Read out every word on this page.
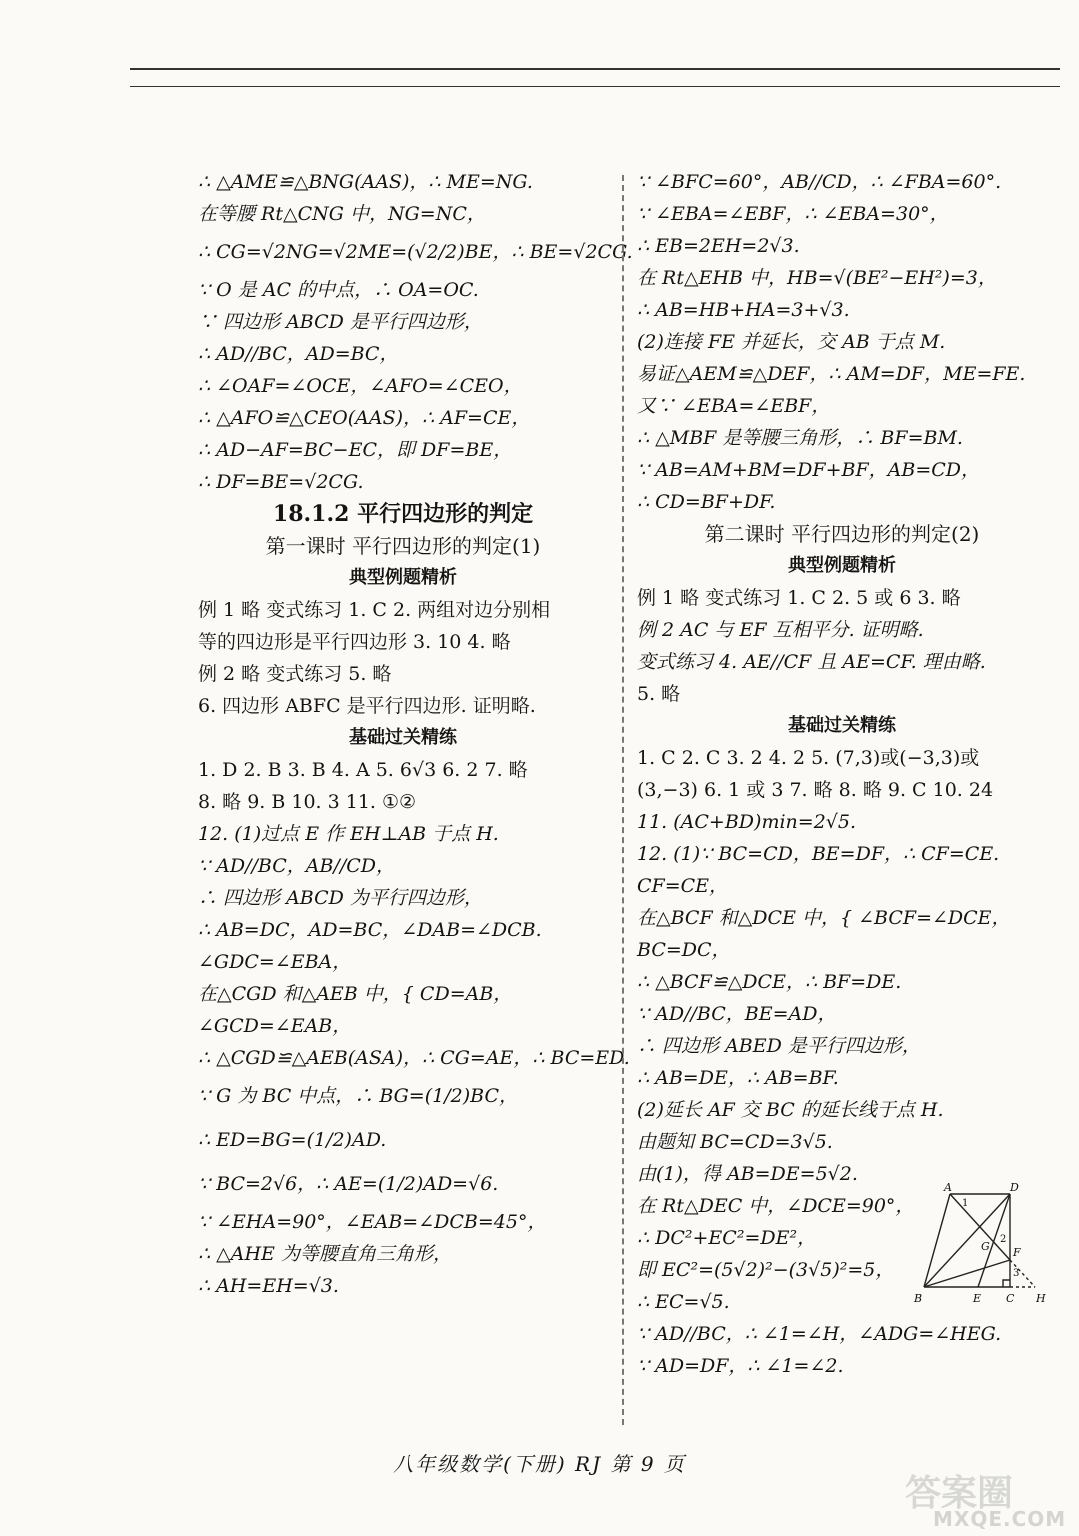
∴ △AME≌△BNG(AAS)，∴ ME=NG.
在等腰 Rt△CNG 中，NG=NC，
∴ CG=√2NG=√2ME=(√2/2)BE，∴ BE=√2CG.
∵ O 是 AC 的中点，∴ OA=OC.
∵ 四边形 ABCD 是平行四边形，
∴ AD//BC，AD=BC，
∴ ∠OAF=∠OCE，∠AFO=∠CEO，
∴ △AFO≌△CEO(AAS)，∴ AF=CE，
∴ AD−AF=BC−EC，即 DF=BE，
∴ DF=BE=√2CG.
18.1.2 平行四边形的判定
第一课时 平行四边形的判定(1)
典型例题精析
例 1 略 变式练习 1. C 2. 两组对边分别相
等的四边形是平行四边形 3. 10 4. 略
例 2 略 变式练习 5. 略
6. 四边形 ABFC 是平行四边形. 证明略.
基础过关精练
1. D 2. B 3. B 4. A 5. 6√3 6. 2 7. 略
8. 略 9. B 10. 3 11. ①②
12. (1)过点 E 作 EH⊥AB 于点 H.
∵ AD//BC，AB//CD，
∴ 四边形 ABCD 为平行四边形，
∴ AB=DC，AD=BC，∠DAB=∠DCB.
∠GDC=∠EBA，
在△CGD 和△AEB 中，{ CD=AB，
∠GCD=∠EAB，
∴ △CGD≌△AEB(ASA)，∴ CG=AE，∴ BC=ED.
∵ G 为 BC 中点，∴ BG=(1/2)BC，
∴ ED=BG=(1/2)AD.
∵ BC=2√6，∴ AE=(1/2)AD=√6.
∵ ∠EHA=90°，∠EAB=∠DCB=45°，
∴ △AHE 为等腰直角三角形，
∴ AH=EH=√3.
∵ ∠BFC=60°，AB//CD，∴ ∠FBA=60°.
∵ ∠EBA=∠EBF，∴ ∠EBA=30°，
∴ EB=2EH=2√3.
在 Rt△EHB 中，HB=√(BE²−EH²)=3，
∴ AB=HB+HA=3+√3.
(2)连接 FE 并延长，交 AB 于点 M.
易证△AEM≌△DEF，∴ AM=DF，ME=FE.
又∵ ∠EBA=∠EBF，
∴ △MBF 是等腰三角形，∴ BF=BM.
∵ AB=AM+BM=DF+BF，AB=CD，
∴ CD=BF+DF.
第二课时 平行四边形的判定(2)
典型例题精析
例 1 略 变式练习 1. C 2. 5 或 6 3. 略
例 2 AC 与 EF 互相平分. 证明略.
变式练习 4. AE//CF 且 AE=CF. 理由略.
5. 略
基础过关精练
1. C 2. C 3. 2 4. 2 5. (7,3)或(−3,3)或
(3,−3) 6. 1 或 3 7. 略 8. 略 9. C 10. 24
11. (AC+BD)min=2√5.
12. (1)∵ BC=CD，BE=DF，∴ CF=CE.
CF=CE，
在△BCF 和△DCE 中，{ ∠BCF=∠DCE，
BC=DC，
∴ △BCF≌△DCE，∴ BF=DE.
∵ AD//BC，BE=AD，
∴ 四边形 ABED 是平行四边形，
∴ AB=DE，∴ AB=BF.
(2)延长 AF 交 BC 的延长线于点 H.
由题知 BC=CD=3√5.
由(1)，得 AB=DE=5√2.
在 Rt△DEC 中，∠DCE=90°，
∴ DC²+EC²=DE²，
即 EC²=(5√2)²−(3√5)²=5，
∴ EC=√5.
∵ AD//BC，∴ ∠1=∠H，∠ADG=∠HEG.
∵ AD=DF，∴ ∠1=∠2.
A	D
B	E C H
G F
1
2
3
八年级数学(下册) RJ 第 9 页
答案圈
MXQE.COM
